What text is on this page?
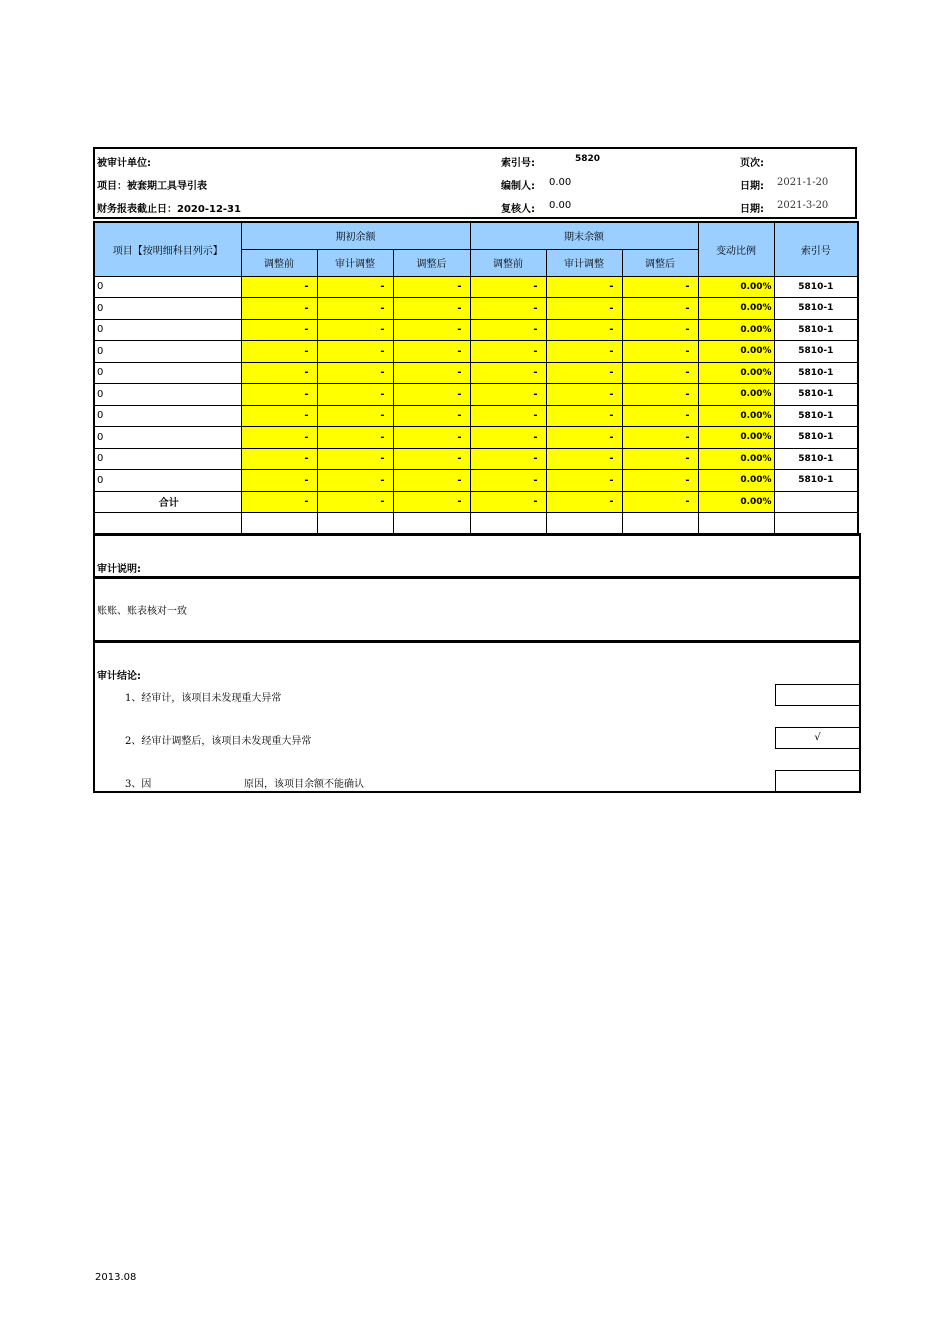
被审计单位:	索引号:	5820	页次:
项目：被套期工具导引表	编制人: 0.00	日期: 2021-1-20
财务报表截止日：2020-12-31	复核人: 0.00	日期: 2021-3-20
项目【按明细科目列示】	期初余额			期末余额			变动比例	索引号
	调整前	审计调整	调整后	调整前	审计调整	调整后		
0	-	-	-	-	-	-	0.00%	5810-1
0	-	-	-	-	-	-	0.00%	5810-1
0	-	-	-	-	-	-	0.00%	5810-1
0	-	-	-	-	-	-	0.00%	5810-1
0	-	-	-	-	-	-	0.00%	5810-1
0	-	-	-	-	-	-	0.00%	5810-1
0	-	-	-	-	-	-	0.00%	5810-1
0	-	-	-	-	-	-	0.00%	5810-1
0	-	-	-	-	-	-	0.00%	5810-1
0	-	-	-	-	-	-	0.00%	5810-1
合计	-	-	-	-	-	-	0.00%	

审计说明:
账账、账表核对一致
审计结论:
1、经审计，该项目未发现重大异常
2、经审计调整后，该项目未发现重大异常	√
3、因	原因，该项目余额不能确认
2013.08
